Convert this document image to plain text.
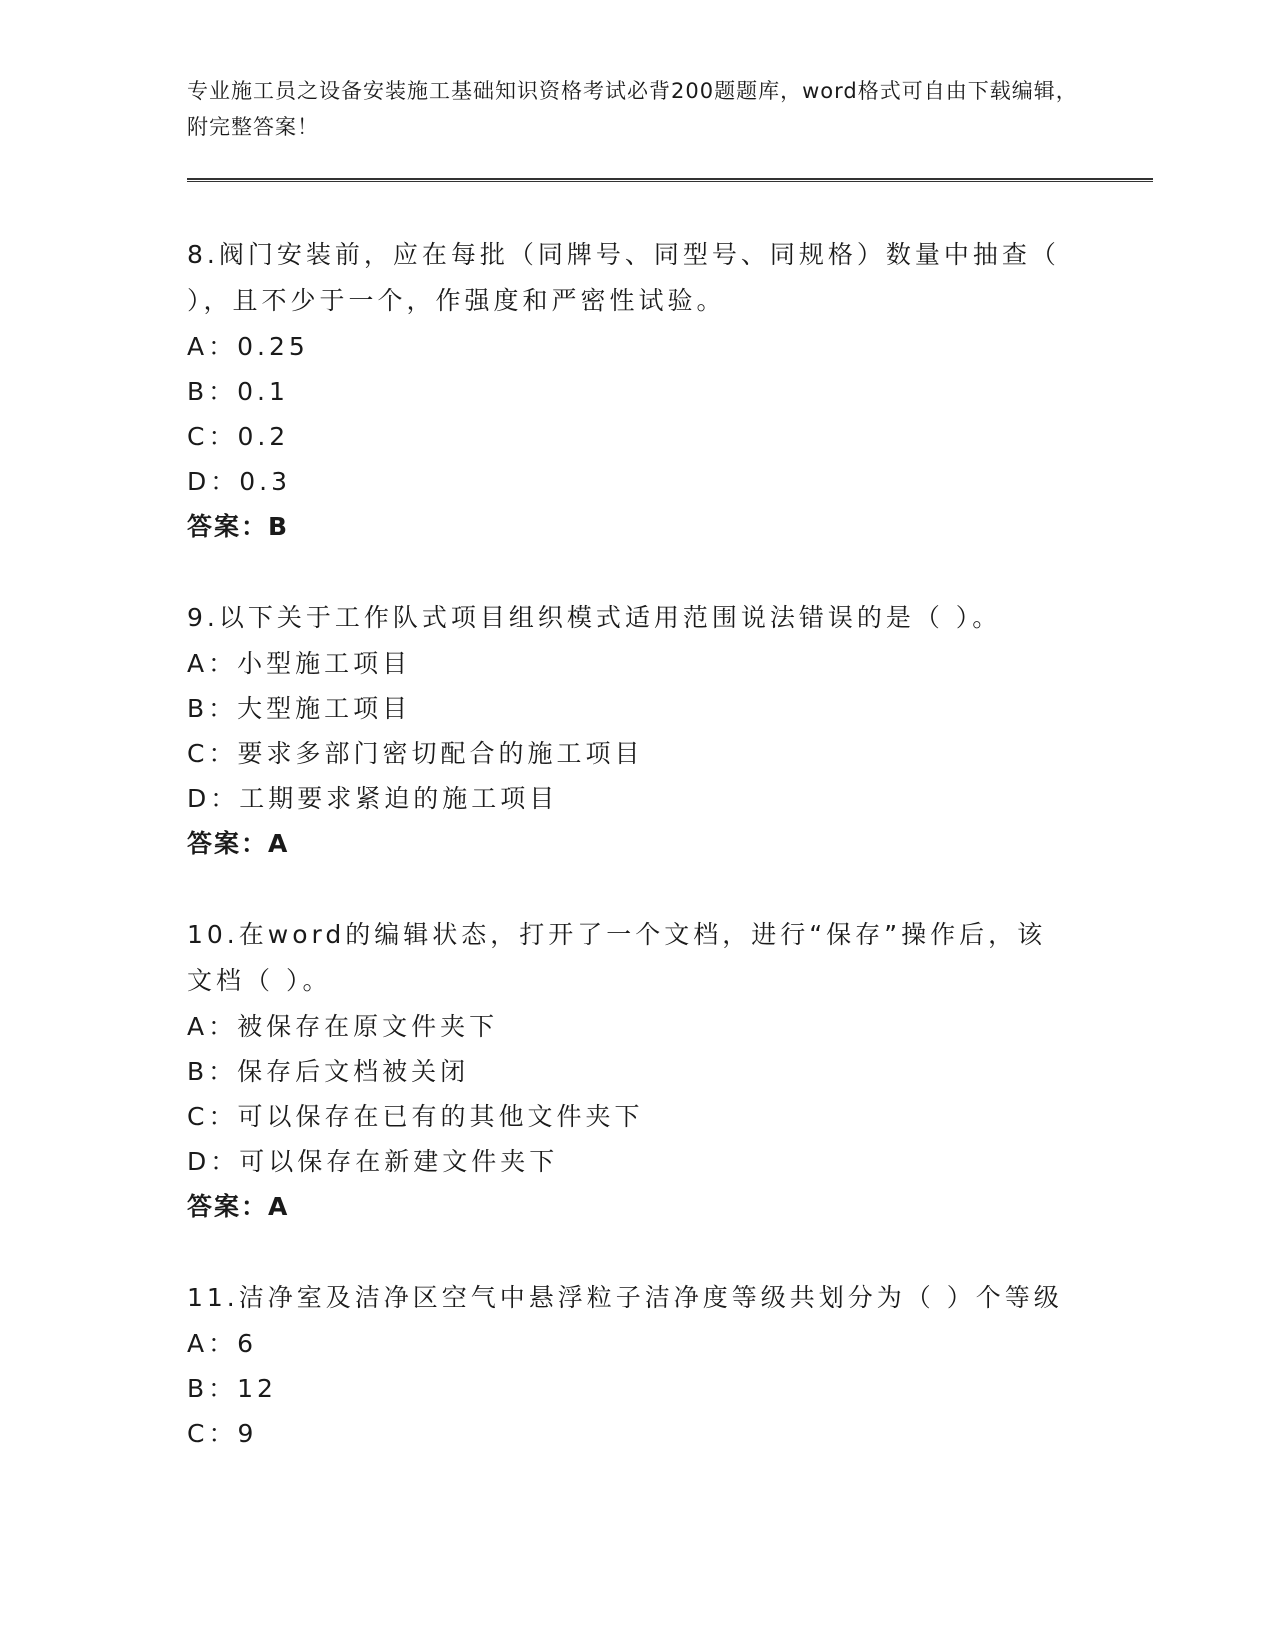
专业施工员之设备安装施工基础知识资格考试必背200题题库，word格式可自由下载编辑，附完整答案！

8.阀门安装前，应在每批（同牌号、同型号、同规格）数量中抽查（ ），且不少于一个，作强度和严密性试验。

A：0.25

B：0.1

C：0.2

D：0.3

答案：B

9.以下关于工作队式项目组织模式适用范围说法错误的是（ ）。

A：小型施工项目

B：大型施工项目

C：要求多部门密切配合的施工项目

D：工期要求紧迫的施工项目

答案：A

10.在word的编辑状态，打开了一个文档，进行“保存”操作后，该文档（ ）。

A：被保存在原文件夹下

B：保存后文档被关闭

C：可以保存在已有的其他文件夹下

D：可以保存在新建文件夹下

答案：A

11.洁净室及洁净区空气中悬浮粒子洁净度等级共划分为（ ）个等级

A：6

B：12

C：9
